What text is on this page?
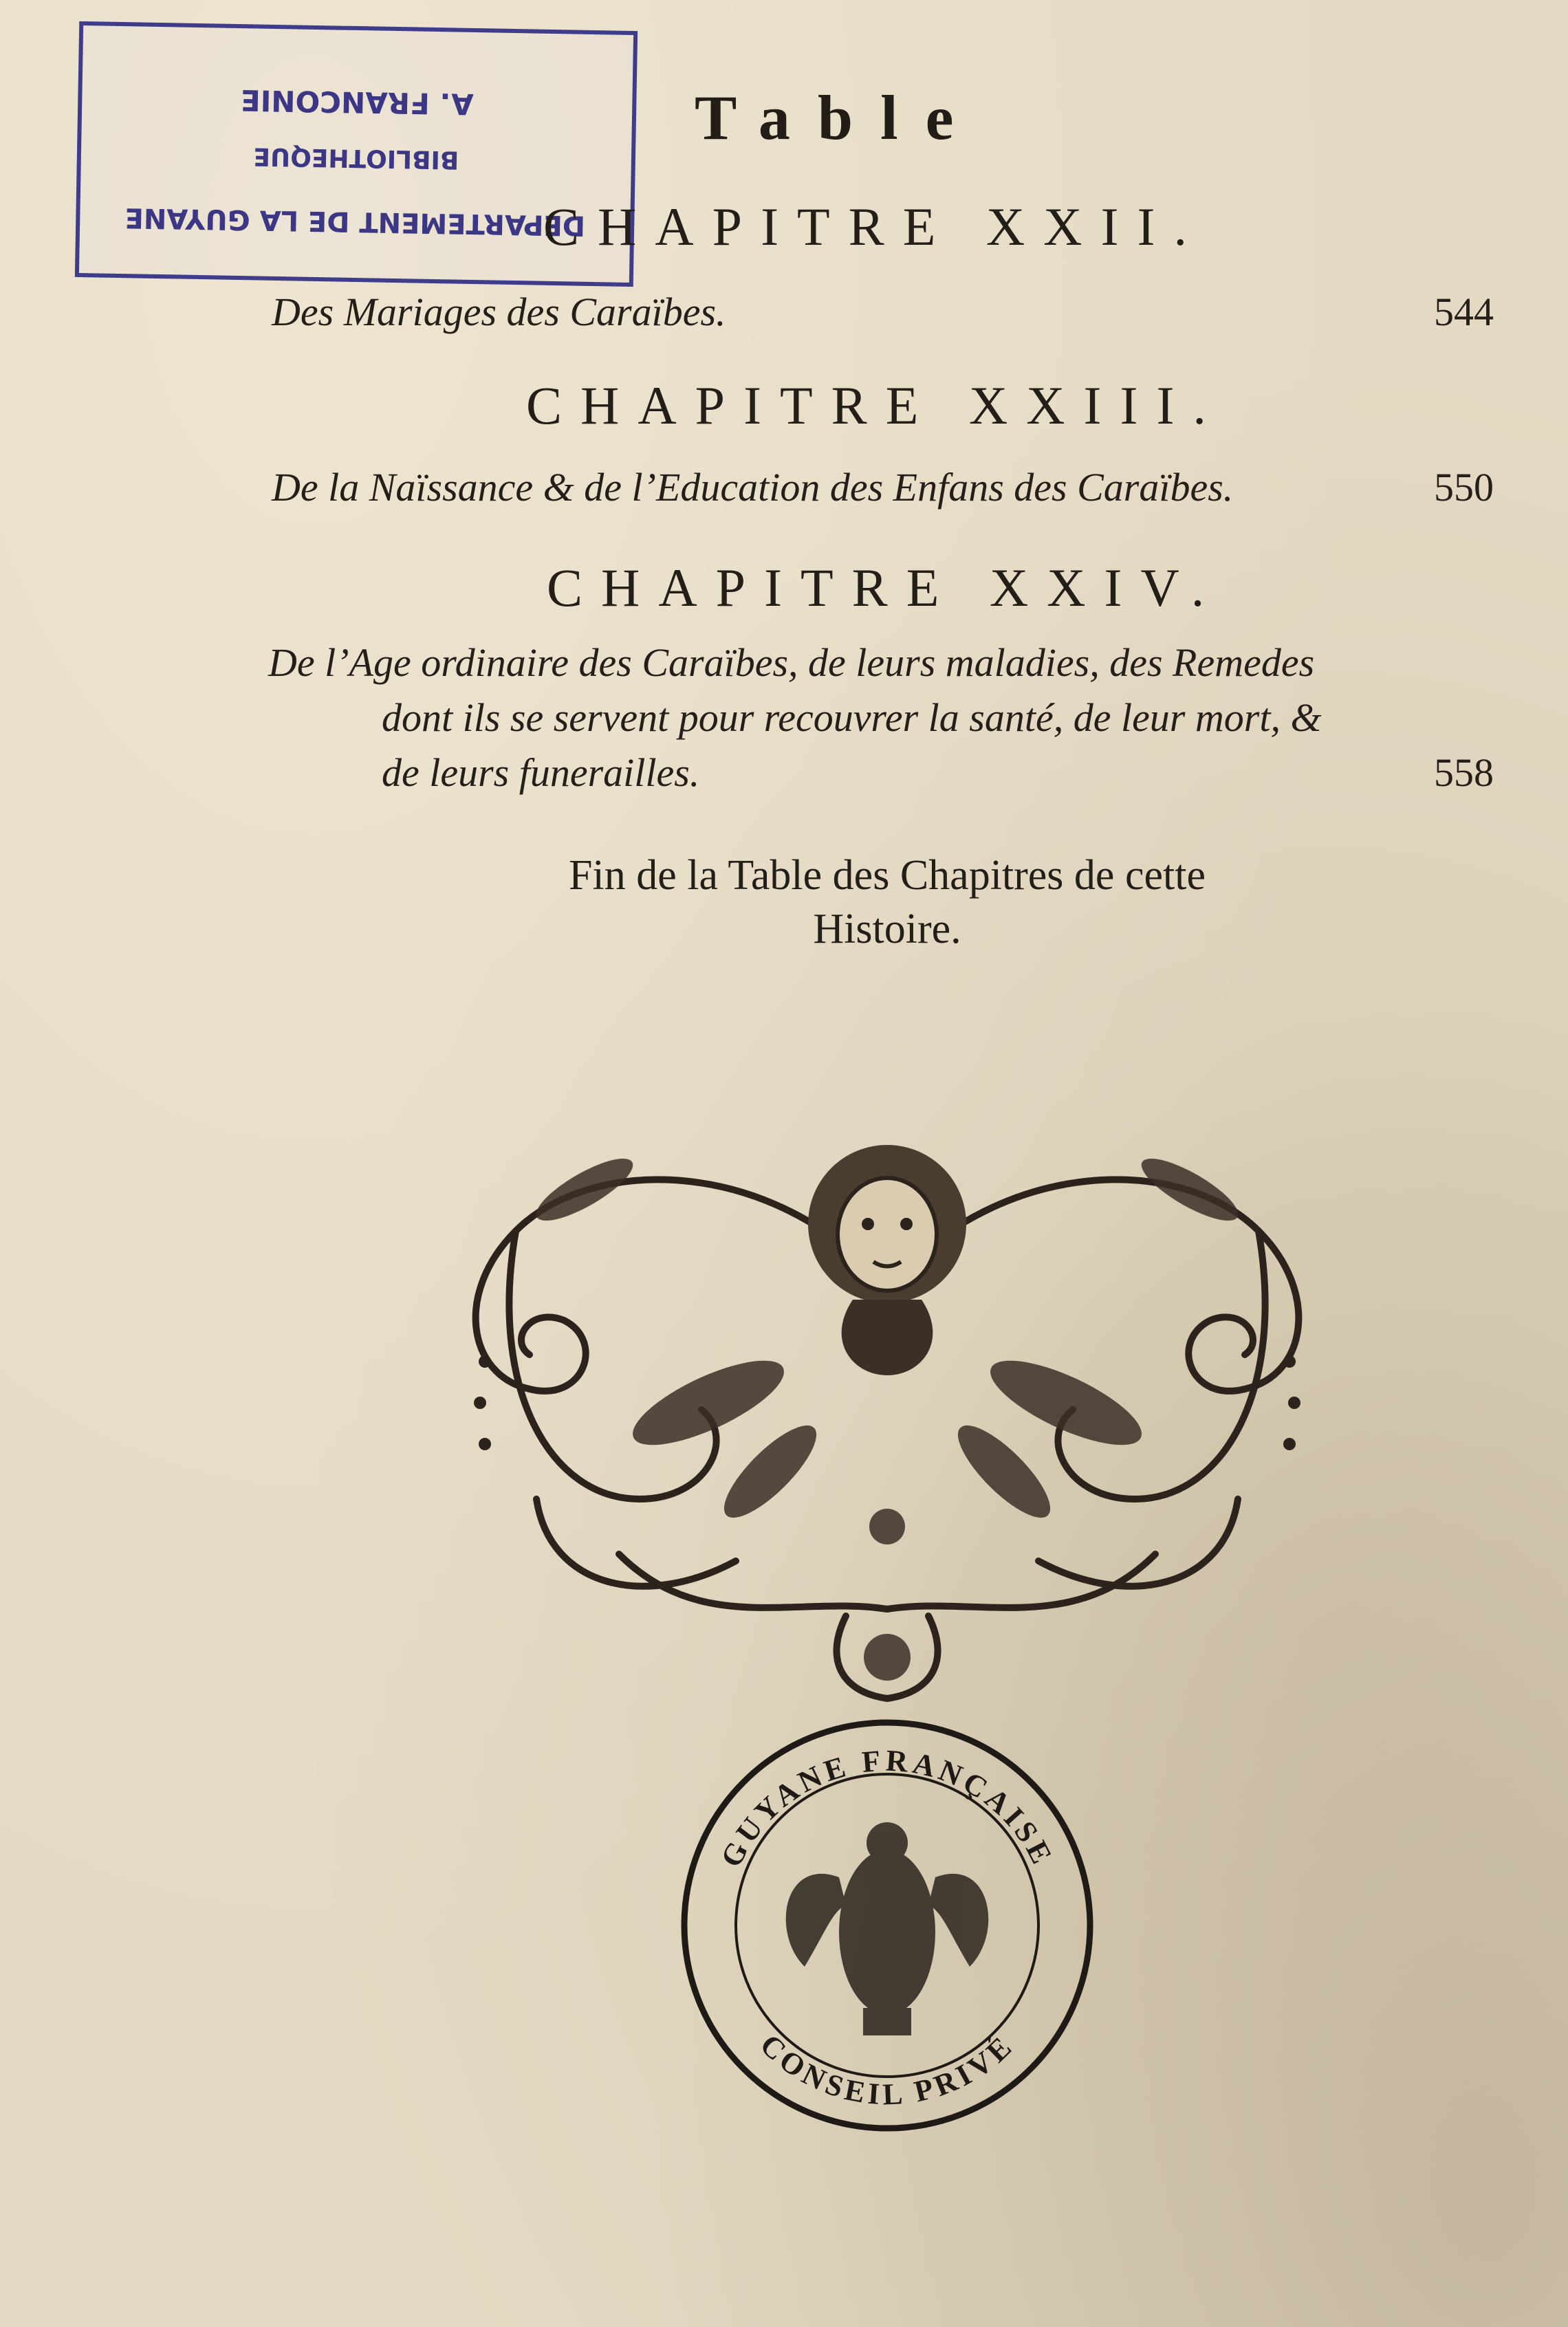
DEPARTEMENT DE LA GUYANE
BIBLIOTHEQUE
A. FRANCONIE	Table
CHAPITRE XXII.
Des Mariages des Caraïbes.	544
CHAPITRE XXIII.
De la Naïssance & de l’Education des Enfans des Caraïbes.	550
CHAPITRE XXIV.
De l’Age ordinaire des Caraïbes, de leurs maladies, des Remedes
dont ils se servent pour recouvrer la santé, de leur mort, &
de leurs funerailles.	558
Fin de la Table des Chapitres de cette
Histoire.
GUYANE FRANÇAISE
CONSEIL PRIVÉ
